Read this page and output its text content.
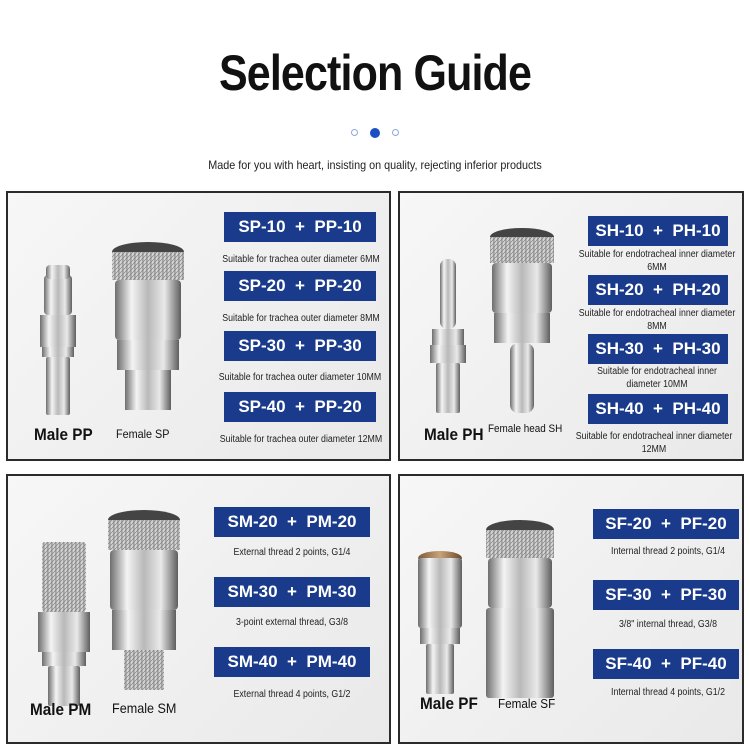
Selection Guide
Made for you with heart, insisting on quality, rejecting inferior products
Male PP Female SP
SP-10  +  PP-10
Suitable for trachea outer diameter 6MM
SP-20  +  PP-20
Suitable for trachea outer diameter 8MM
SP-30  +  PP-30
Suitable for trachea outer diameter 10MM
SP-40  +  PP-20
Suitable for trachea outer diameter 12MM Male PH Female head SH
SH-10  +  PH-10
Suitable for endotracheal inner diameter 6MM
SH-20  +  PH-20
Suitable for endotracheal inner diameter 8MM
SH-30  +  PH-30
Suitable for endotracheal inner diameter 10MM
SH-40  +  PH-40
Suitable for endotracheal inner diameter 12MM
Male PM Female SM
SM-20  +  PM-20
External thread 2 points, G1/4
SM-30  +  PM-30
3-point external thread, G3/8
SM-40  +  PM-40
External thread 4 points, G1/2	Male PF Female SF
SF-20  +  PF-20
Internal thread 2 points, G1/4
SF-30  +  PF-30
3/8" internal thread, G3/8
SF-40  +  PF-40
Internal thread 4 points, G1/2
